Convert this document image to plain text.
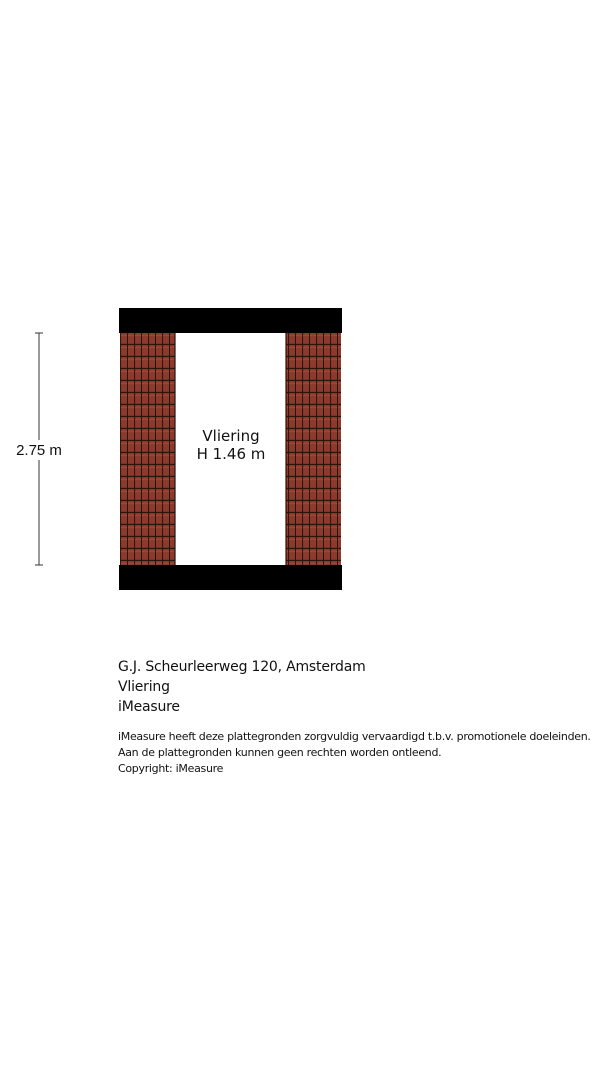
2.75 m
Vliering
H 1.46 m
G.J. Scheurleerweg 120, Amsterdam
Vliering
iMeasure
iMeasure heeft deze plattegronden zorgvuldig vervaardigd t.b.v. promotionele doeleinden.
Aan de plattegronden kunnen geen rechten worden ontleend.
Copyright: iMeasure
